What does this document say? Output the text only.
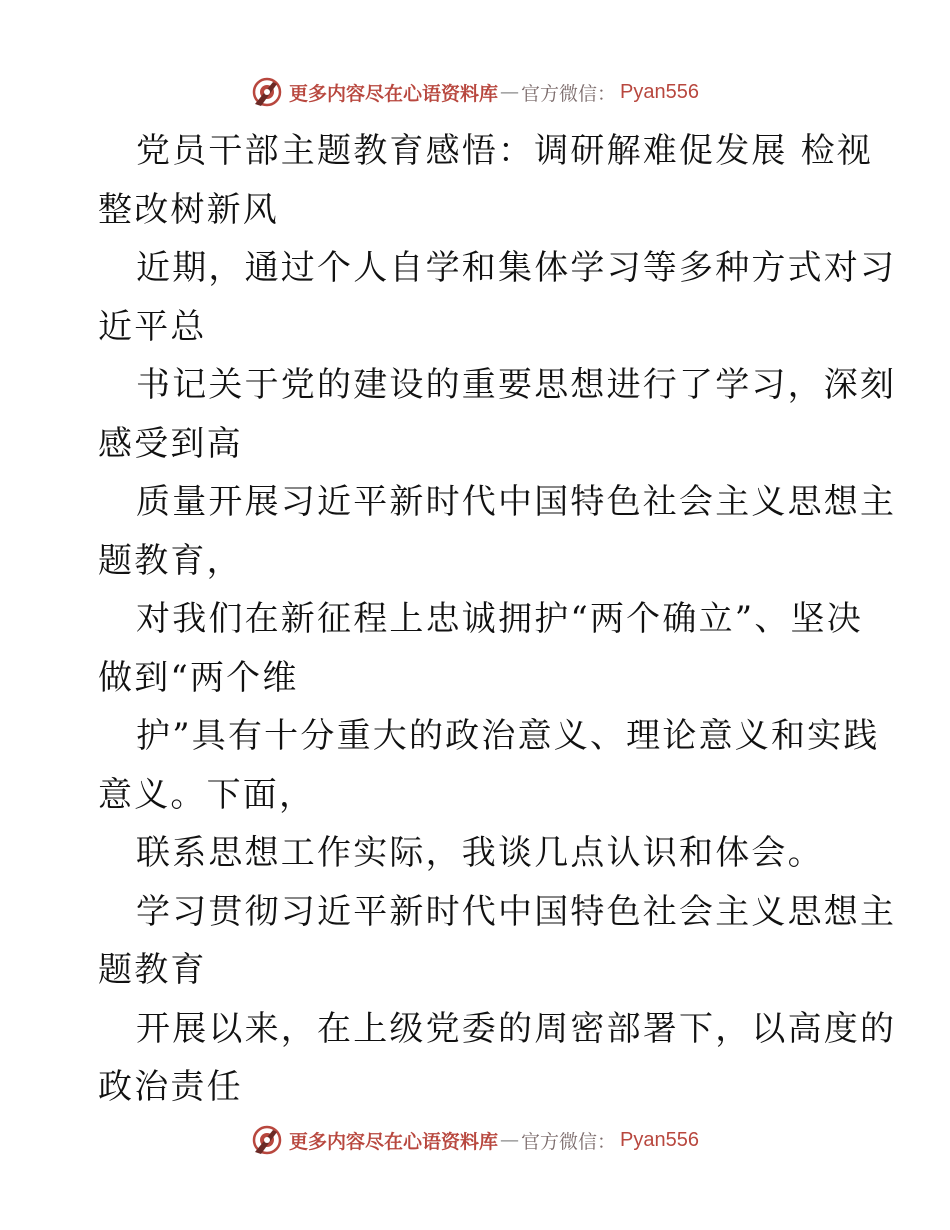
更多内容尽在心语资料库 — 官方微信： Pyan556
党员干部主题教育感悟：调研解难促发展 检视
整改树新风
近期，通过个人自学和集体学习等多种方式对习
近平总
书记关于党的建设的重要思想进行了学习，深刻
感受到高
质量开展习近平新时代中国特色社会主义思想主
题教育，
对我们在新征程上忠诚拥护“两个确立”、坚决
做到“两个维
护”具有十分重大的政治意义、理论意义和实践
意义。下面，
联系思想工作实际，我谈几点认识和体会。
学习贯彻习近平新时代中国特色社会主义思想主
题教育
开展以来，在上级党委的周密部署下，以高度的
政治责任
更多内容尽在心语资料库 — 官方微信： Pyan556
